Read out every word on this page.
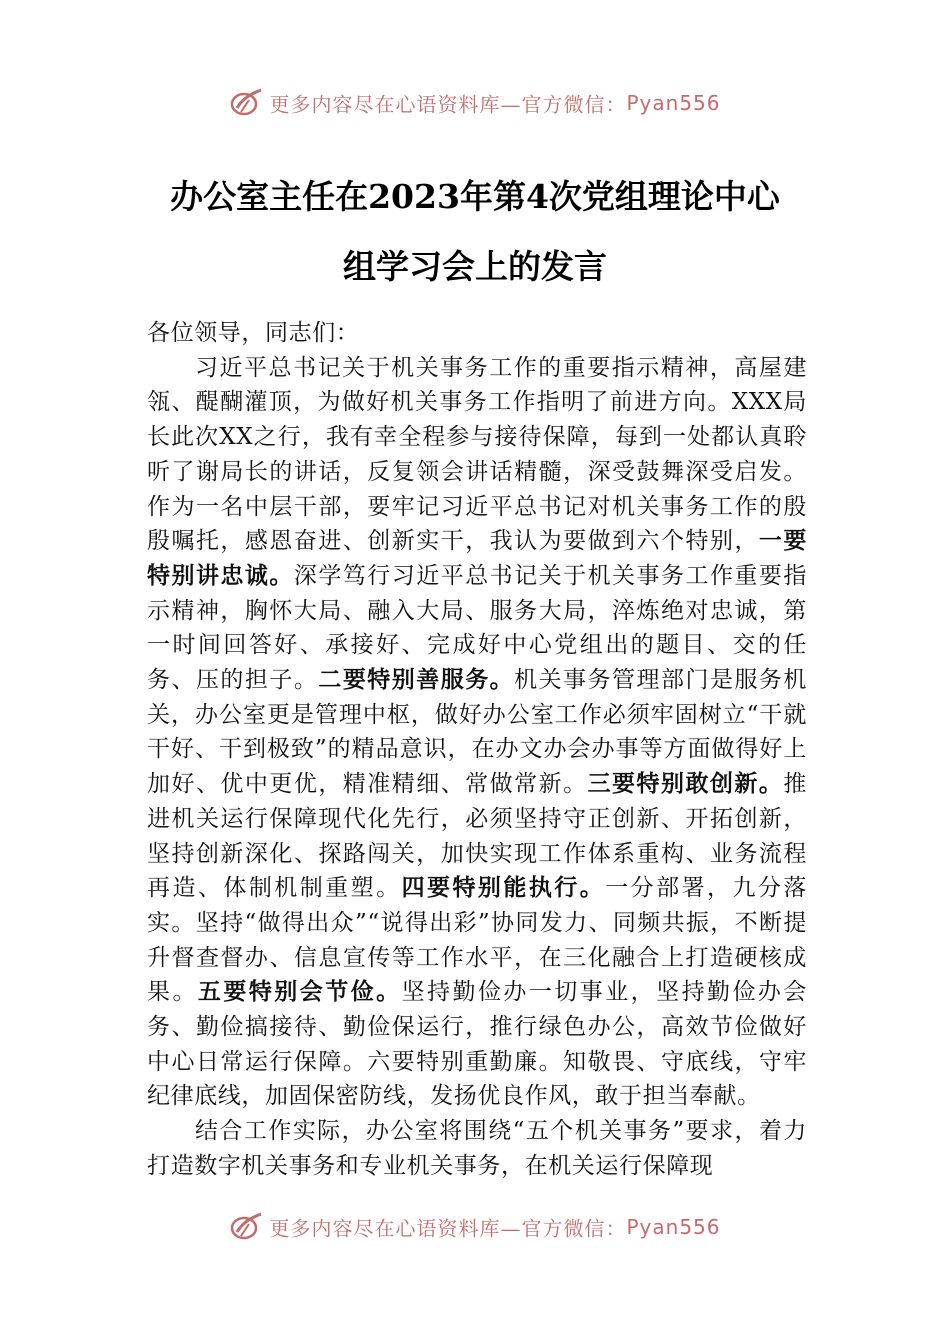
更多内容尽在心语资料库—官方微信：Pyan556
办公室主任在2023年第4次党组理论中心
组学习会上的发言

各位领导，同志们：

习近平总书记关于机关事务工作的重要指示精神，高屋建瓴、醍醐灌顶，为做好机关事务工作指明了前进方向。XXX局长此次XX之行，我有幸全程参与接待保障，每到一处都认真聆听了谢局长的讲话，反复领会讲话精髓，深受鼓舞深受启发。作为一名中层干部，要牢记习近平总书记对机关事务工作的殷殷嘱托，感恩奋进、创新实干，我认为要做到六个特别，一要特别讲忠诚。深学笃行习近平总书记关于机关事务工作重要指示精神，胸怀大局、融入大局、服务大局，淬炼绝对忠诚，第一时间回答好、承接好、完成好中心党组出的题目、交的任务、压的担子。二要特别善服务。机关事务管理部门是服务机关，办公室更是管理中枢，做好办公室工作必须牢固树立“干就干好、干到极致”的精品意识，在办文办会办事等方面做得好上加好、优中更优，精准精细、常做常新。三要特别敢创新。推进机关运行保障现代化先行，必须坚持守正创新、开拓创新，坚持创新深化、探路闯关，加快实现工作体系重构、业务流程再造、体制机制重塑。四要特别能执行。一分部署，九分落实。坚持“做得出众”“说得出彩”协同发力、同频共振，不断提升督查督办、信息宣传等工作水平，在三化融合上打造硬核成果。五要特别会节俭。坚持勤俭办一切事业，坚持勤俭办会务、勤俭搞接待、勤俭保运行，推行绿色办公，高效节俭做好中心日常运行保障。六要特别重勤廉。知敬畏、守底线，守牢纪律底线，加固保密防线，发扬优良作风，敢于担当奉献。

结合工作实际，办公室将围绕“五个机关事务”要求，着力打造数字机关事务和专业机关事务，在机关运行保障现

更多内容尽在心语资料库—官方微信：Pyan556
